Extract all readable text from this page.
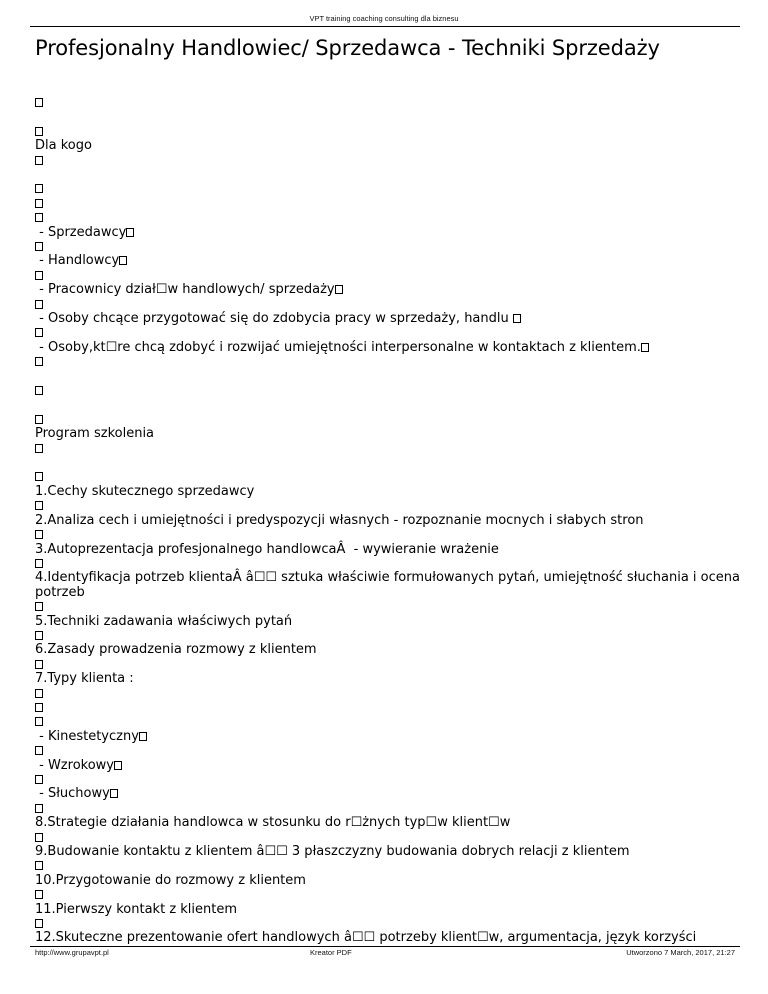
VPT training coaching consulting dla biznesu
Profesjonalny Handlowiec/ Sprzedawca - Techniki Sprzedaży
Dla kogo
- Sprzedawcy
- Handlowcy
- Pracownicy dział☐w handlowych/ sprzedaży
- Osoby chcące przygotować się do zdobycia pracy w sprzedaży, handlu
- Osoby,kt☐re chcą zdobyć i rozwijać umiejętności interpersonalne w kontaktach z klientem.
Program szkolenia
1.Cechy skutecznego sprzedawcy
2.Analiza cech i umiejętności i predyspozycji własnych - rozpoznanie mocnych i słabych stron
3.Autoprezentacja profesjonalnego handlowcaÂ  - wywieranie wrażenie
4.Identyfikacja potrzeb klientaÂ â☐☐ sztuka właściwie formułowanych pytań, umiejętność słuchania i ocena potrzeb
5.Techniki zadawania właściwych pytań
6.Zasady prowadzenia rozmowy z klientem
7.Typy klienta :
- Kinestetyczny
- Wzrokowy
- Słuchowy
8.Strategie działania handlowca w stosunku do r☐żnych typ☐w klient☐w
9.Budowanie kontaktu z klientem â☐☐ 3 płaszczyzny budowania dobrych relacji z klientem
10.Przygotowanie do rozmowy z klientem
11.Pierwszy kontakt z klientem
12.Skuteczne prezentowanie ofert handlowych â☐☐ potrzeby klient☐w, argumentacja, język korzyści
http://www.grupavpt.pl	Kreator PDF	Utworzono 7 March, 2017, 21:27
